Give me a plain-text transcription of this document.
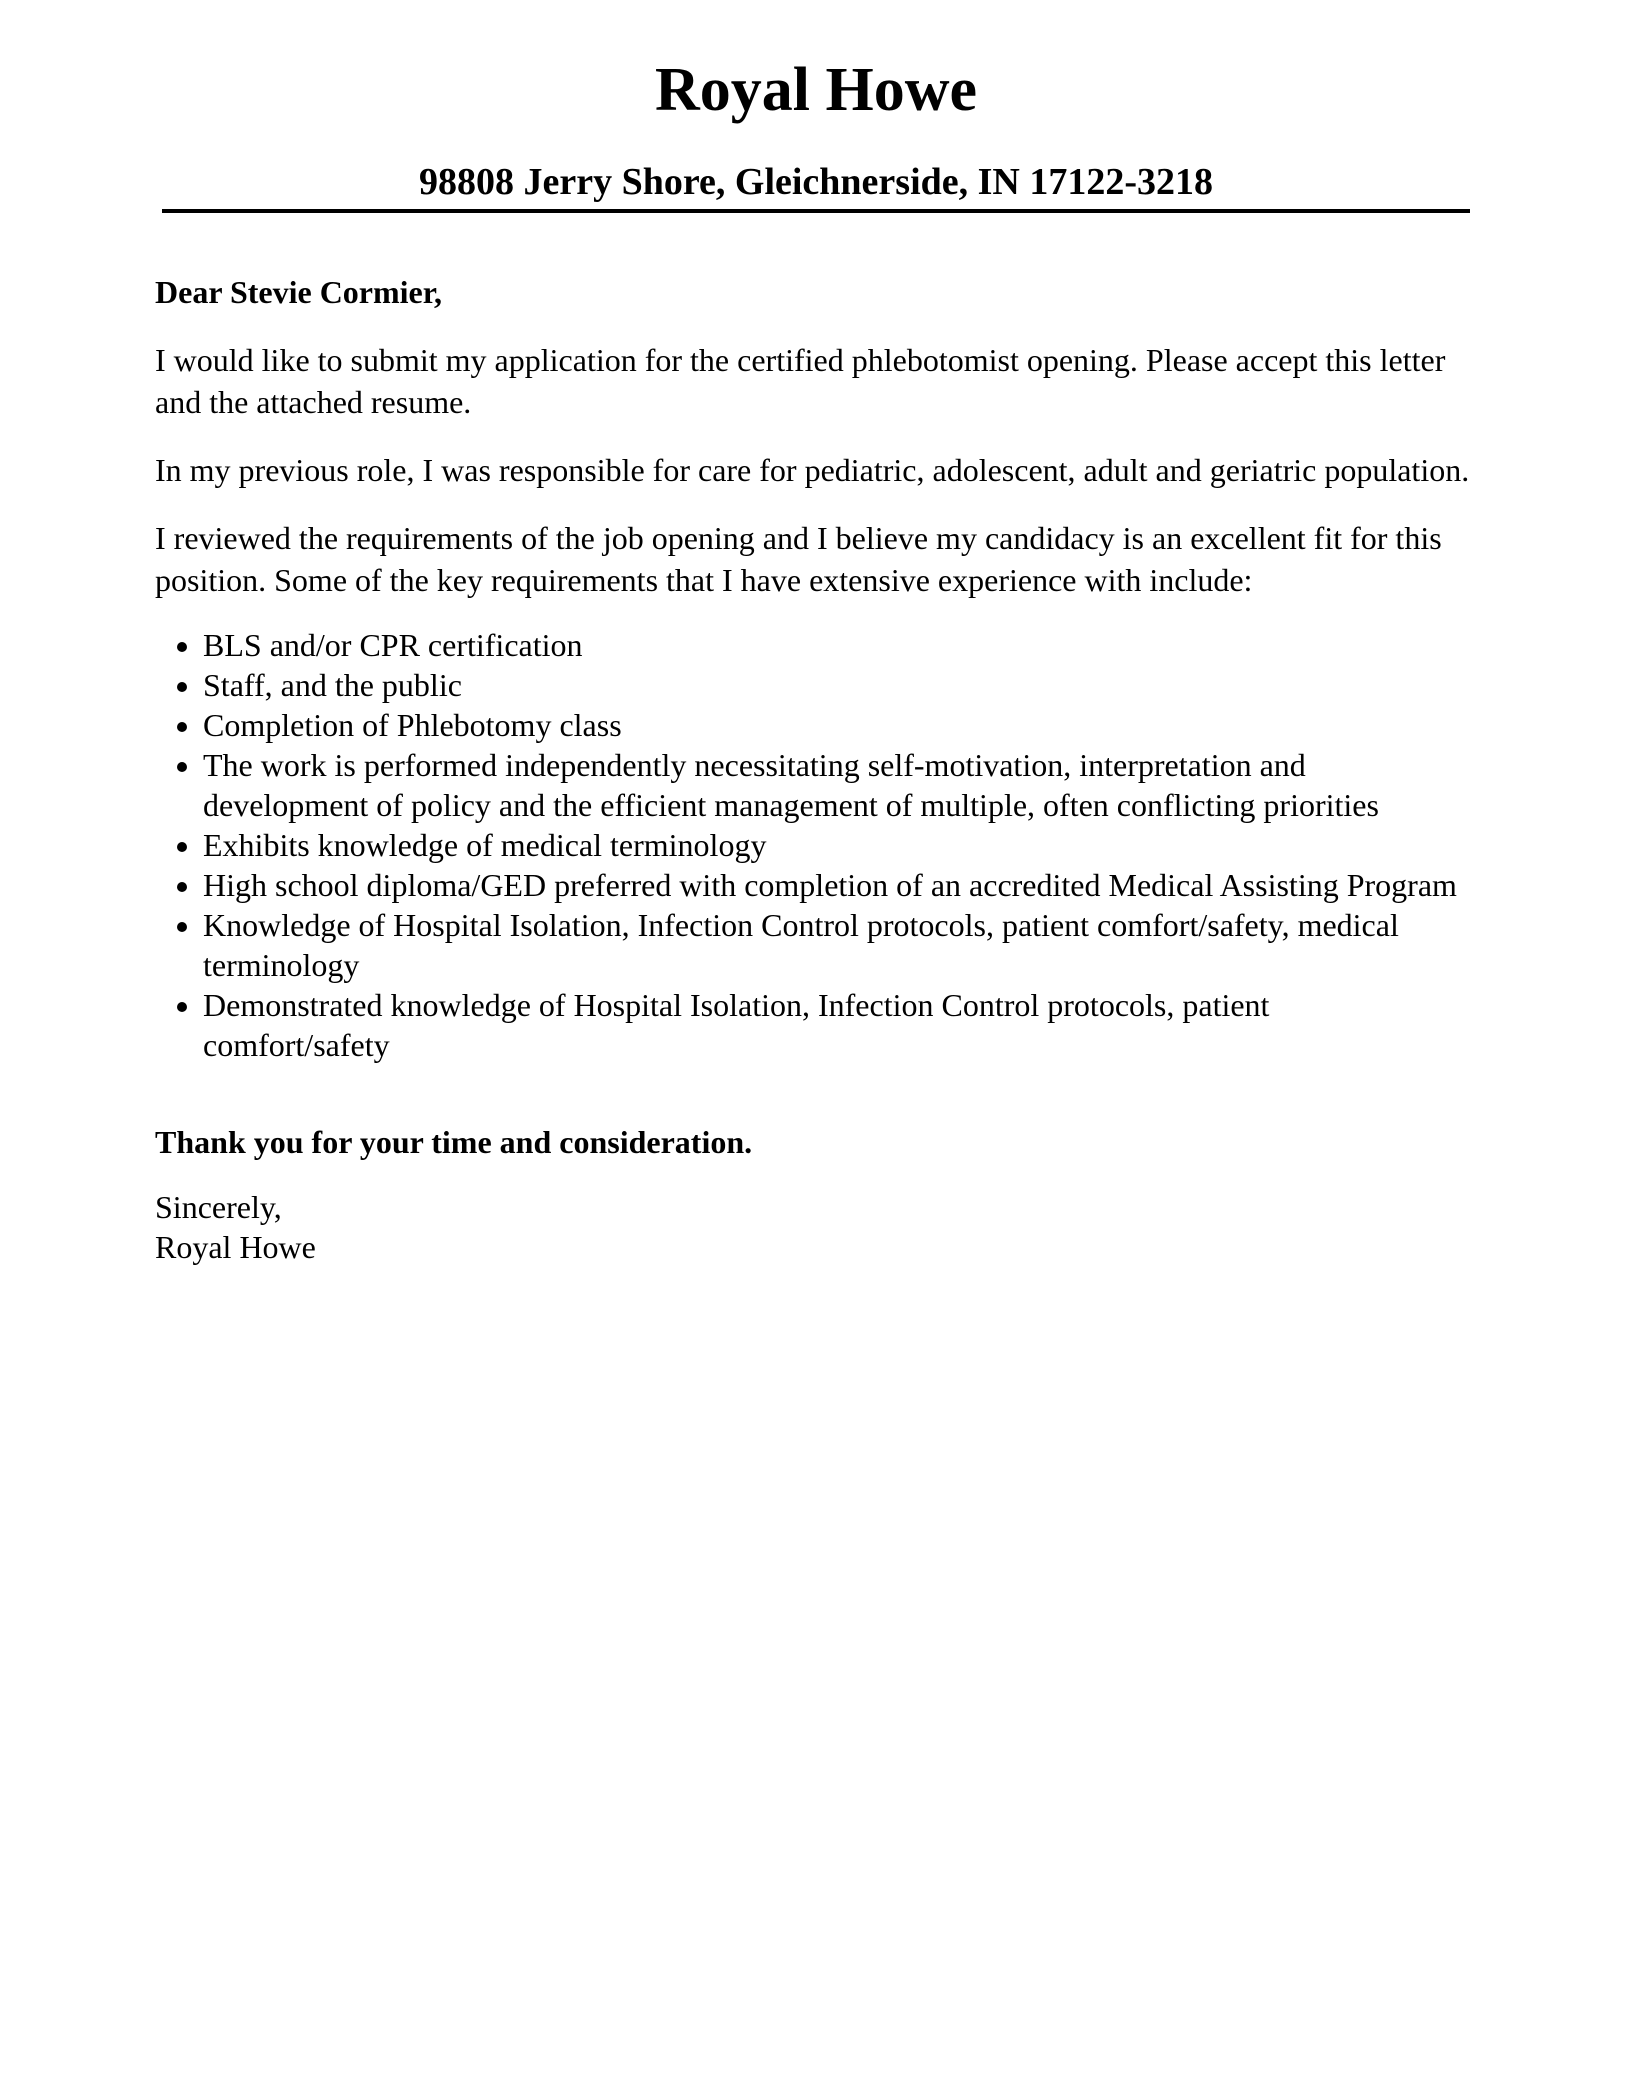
Royal Howe
98808 Jerry Shore, Gleichnerside, IN 17122-3218

Dear Stevie Cormier,

I would like to submit my application for the certified phlebotomist opening. Please accept this letter and the attached resume.

In my previous role, I was responsible for care for pediatric, adolescent, adult and geriatric population.

I reviewed the requirements of the job opening and I believe my candidacy is an excellent fit for this position. Some of the key requirements that I have extensive experience with include:

• BLS and/or CPR certification
• Staff, and the public
• Completion of Phlebotomy class
• The work is performed independently necessitating self-motivation, interpretation and development of policy and the efficient management of multiple, often conflicting priorities
• Exhibits knowledge of medical terminology
• High school diploma/GED preferred with completion of an accredited Medical Assisting Program
• Knowledge of Hospital Isolation, Infection Control protocols, patient comfort/safety, medical terminology
• Demonstrated knowledge of Hospital Isolation, Infection Control protocols, patient comfort/safety

Thank you for your time and consideration.

Sincerely,
Royal Howe
